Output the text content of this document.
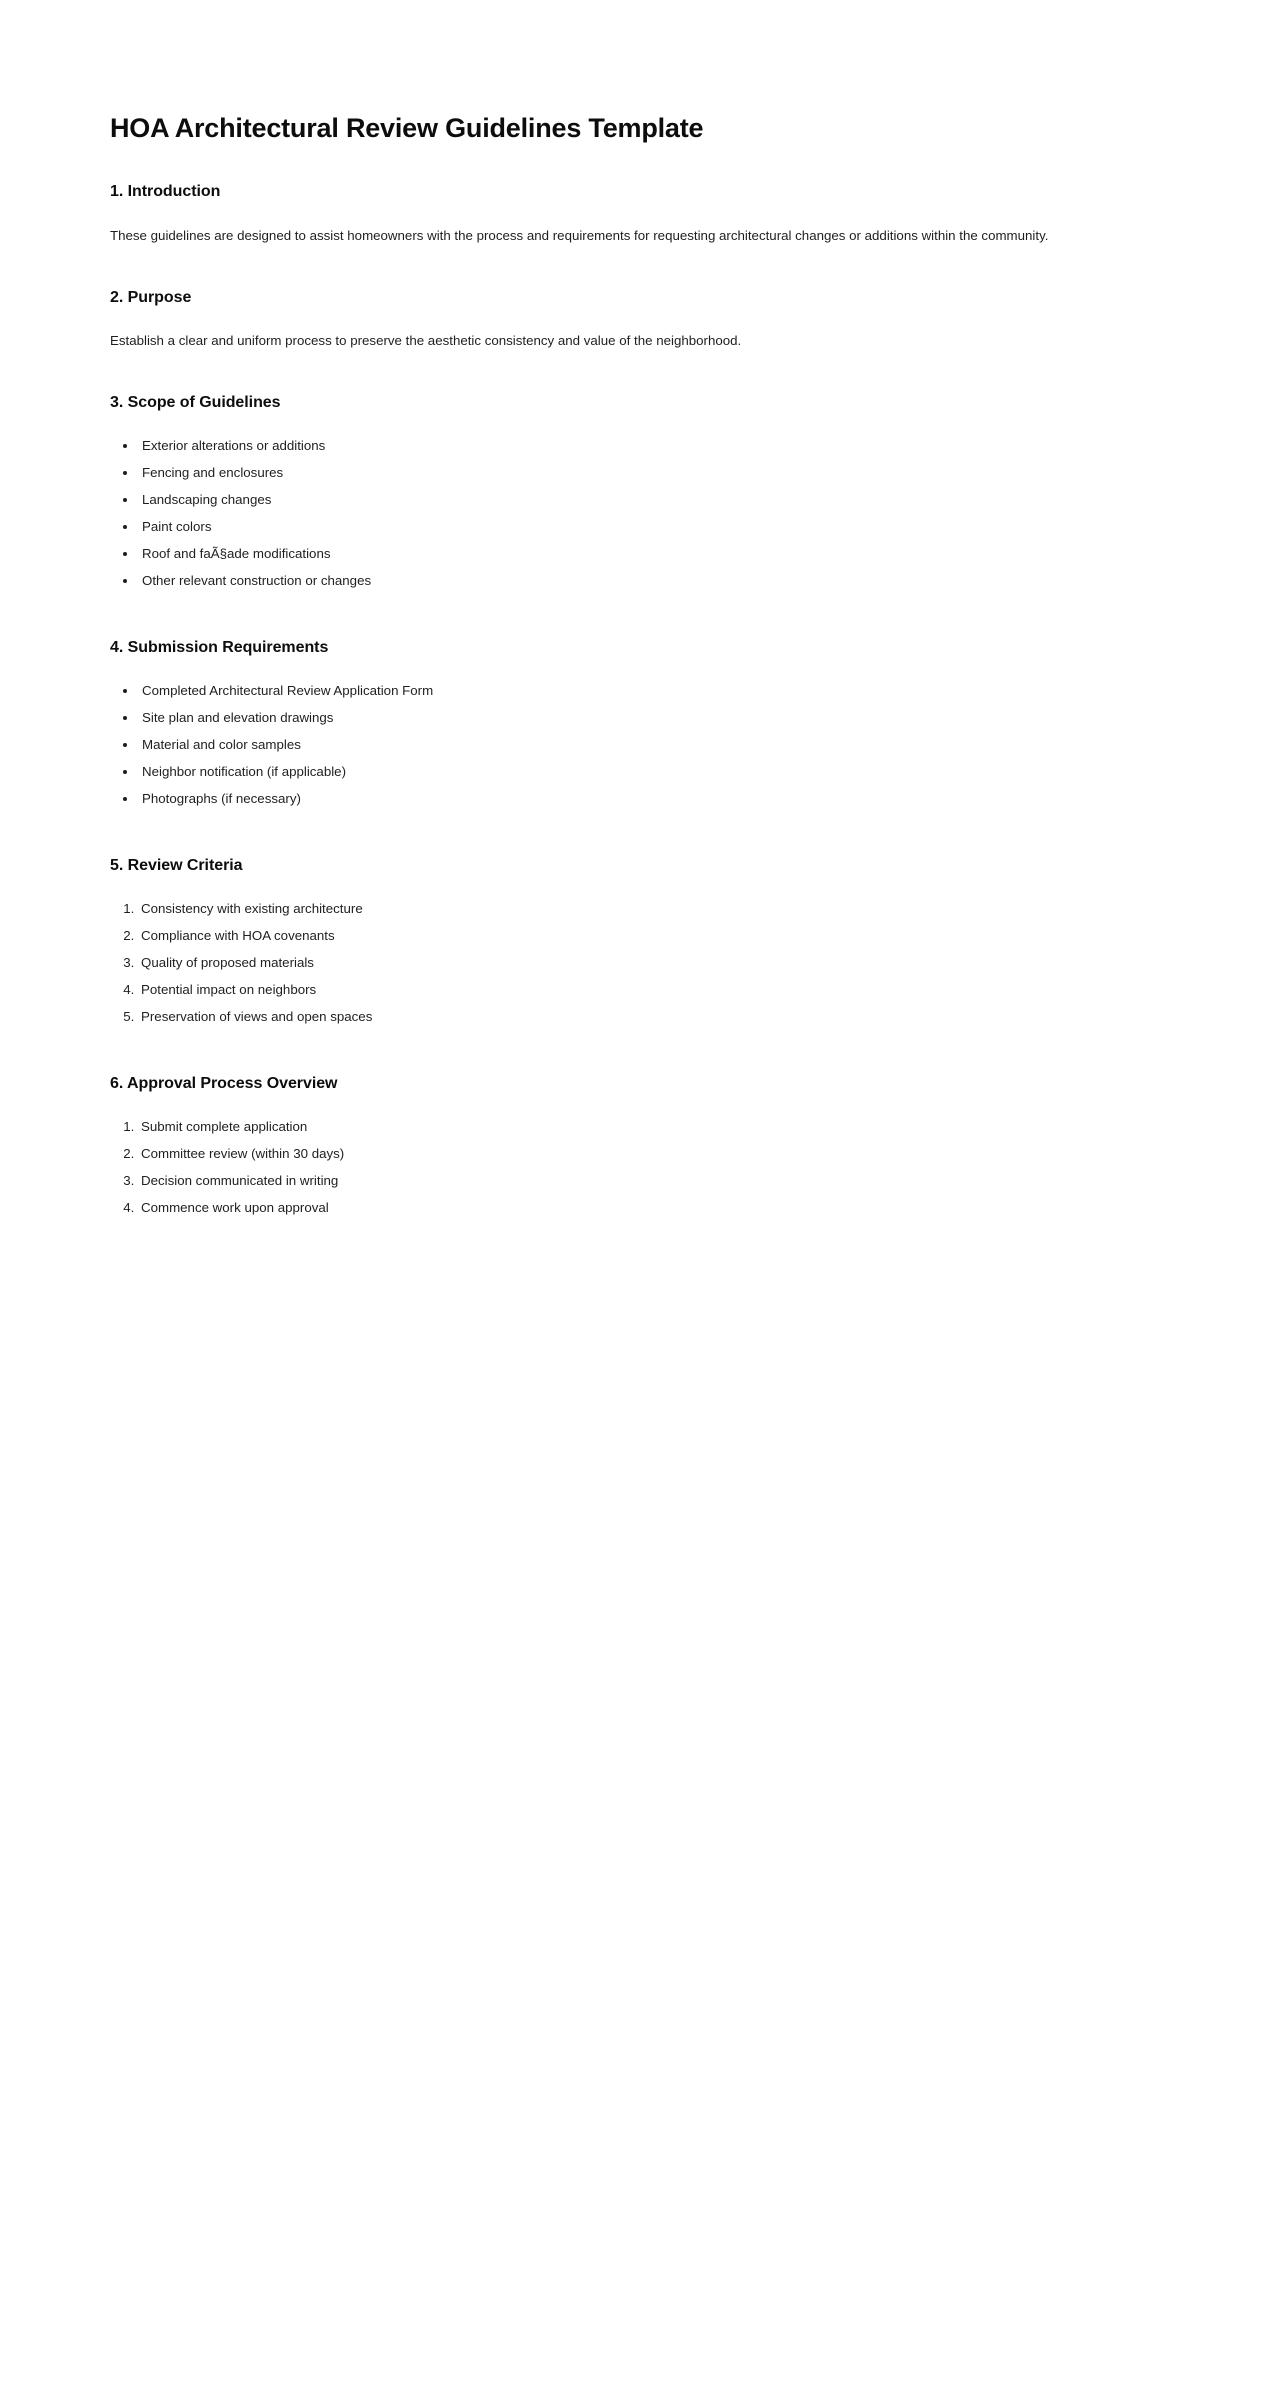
HOA Architectural Review Guidelines Template
1. Introduction

These guidelines are designed to assist homeowners with the process and requirements for requesting architectural changes or additions within the community.

2. Purpose

Establish a clear and uniform process to preserve the aesthetic consistency and value of the neighborhood.

3. Scope of Guidelines
• Exterior alterations or additions
• Fencing and enclosures
• Landscaping changes
• Paint colors
• Roof and faÃ§ade modifications
• Other relevant construction or changes
4. Submission Requirements
• Completed Architectural Review Application Form
• Site plan and elevation drawings
• Material and color samples
• Neighbor notification (if applicable)
• Photographs (if necessary)
5. Review Criteria
1. Consistency with existing architecture
2. Compliance with HOA covenants
3. Quality of proposed materials
4. Potential impact on neighbors
5. Preservation of views and open spaces
6. Approval Process Overview
1. Submit complete application
2. Committee review (within 30 days)
3. Decision communicated in writing
4. Commence work upon approval
